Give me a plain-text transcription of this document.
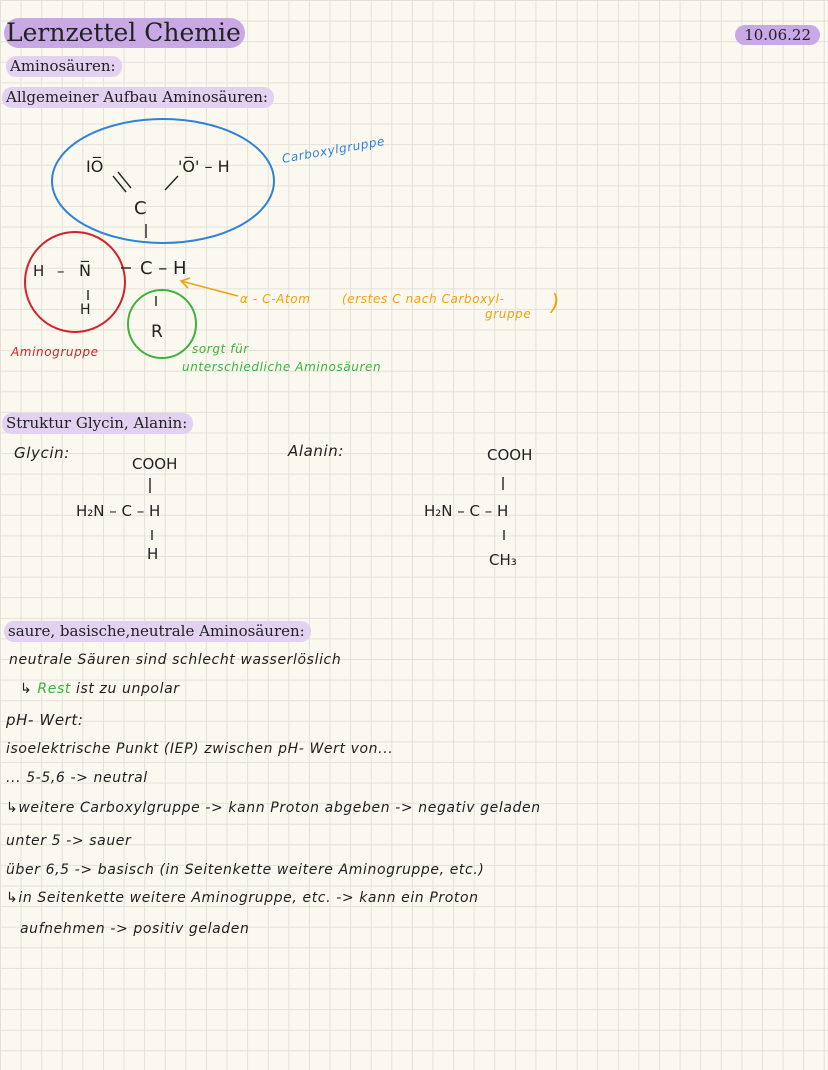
Lernzettel Chemie	10.06.22
Aminosäuren:
Allgemeiner Aufbau Aminosäuren:
IO̅	'O̅' – H
C
Carboxylgruppe
C – H
α - C-Atom	(erstes C nach Carboxyl-
gruppe )
H – N̅
H
Aminogruppe
R
sorgt für
unterschiedliche Aminosäuren
Struktur Glycin, Alanin:
Glycin:
COOH
H₂N – C – H
H
Alanin:	COOH
H₂N – C – H
CH₃
saure, basische,neutrale Aminosäuren:
neutrale Säuren sind schlecht wasserlöslich
↳ Rest ist zu unpolar
pH- Wert:
isoelektrische Punkt (IEP) zwischen pH- Wert von...
... 5-5,6 -> neutral
↳weitere Carboxylgruppe -> kann Proton abgeben -> negativ geladen
unter 5 -> sauer
über 6,5 -> basisch (in Seitenkette weitere Aminogruppe, etc.)
↳in Seitenkette weitere Aminogruppe, etc. -> kann ein Proton
aufnehmen -> positiv geladen
